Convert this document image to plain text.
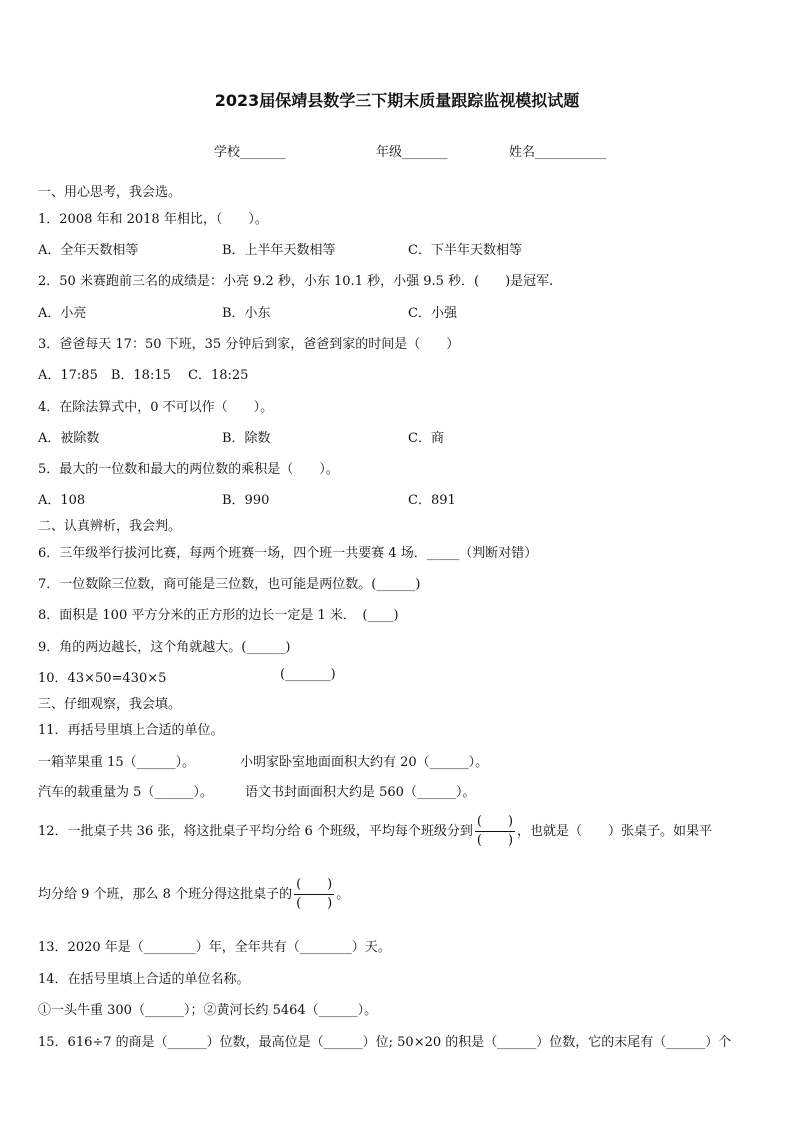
2023届保靖县数学三下期末质量跟踪监视模拟试题
学校_______	年级_______	姓名___________
一、用心思考，我会选。
1．2008 年和 2018 年相比，（　　）。
A．全年天数相等	B．上半年天数相等	C．下半年天数相等
2．50 米赛跑前三名的成绩是：小亮 9.2 秒，小东 10.1 秒，小强 9.5 秒．(　　)是冠军.
A．小亮	B．小东	C．小强
3．爸爸每天 17：50 下班，35 分钟后到家，爸爸到家的时间是（　　）
A．17:85　B．18:15　 C．18:25
4．在除法算式中，0 不可以作（　　）。
A．被除数	B．除数	C．商
5．最大的一位数和最大的两位数的乘积是（　　）。
A．108	B．990	C．891
二、认真辨析，我会判。
6．三年级举行拔河比赛，每两个班赛一场，四个班一共要赛 4 场．_____（判断对错）
7．一位数除三位数，商可能是三位数，也可能是两位数。(______)
8．面积是 100 平方分米的正方形的边长一定是 1 米．　(____)
9．角的两边越长，这个角就越大。(______)
10．43×50=430×5	(_______)
三、仔细观察，我会填。
11．再括号里填上合适的单位。
一箱苹果重 15（______）。	小明家卧室地面面积大约有 20（______）。
汽车的载重量为 5（______）。 语文书封面面积大约是 560（______）。
12．一批桌子共 36 张，将这批桌子平均分给 6 个班级，平均每个班级分到 $\frac{( )}{( )}$ ，也就是（　　）张桌子。如果平
均分给 9 个班，那么 8 个班分得这批桌子的 $\frac{( )}{( )}$ 。
13．2020 年是（________）年，全年共有（________）天。
14．在括号里填上合适的单位名称。
①一头牛重 300（______）；②黄河长约 5464（______）。
15．616÷7 的商是（______）位数，最高位是（______）位; 50×20 的积是（______）位数，它的末尾有（______）个
